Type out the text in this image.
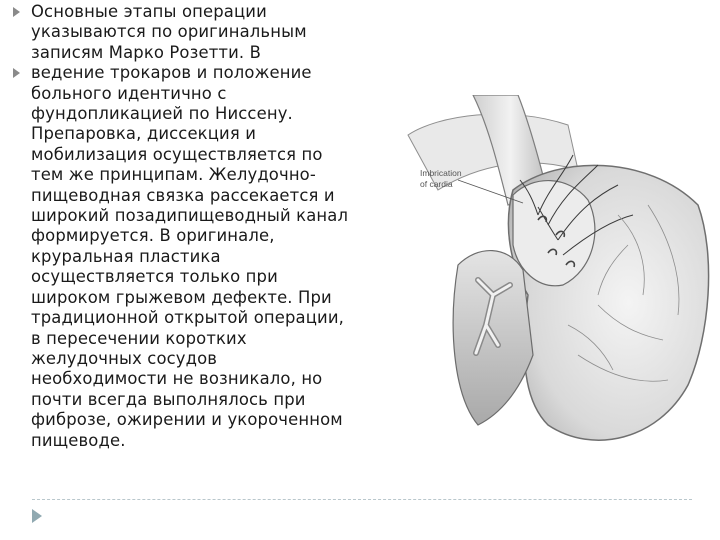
Основные этапы операции
указываются по оригинальным
записям Марко Розетти. В
ведение трокаров и положение
больного идентично с
фундопликацией по Ниссену.
Препаровка, диссекция и
мобилизация осуществляется по
тем же принципам. Желудочно-
пищеводная связка рассекается и
широкий позадипищеводный канал
формируется. В оригинале,
круральная пластика
осуществляется только при
широком грыжевом дефекте. При
традиционной открытой операции,
в пересечении коротких
желудочных сосудов
необходимости не возникало, но
почти всегда выполнялось при
фиброзе, ожирении и укороченном
пищеводе.
Imbrication
of cardia
